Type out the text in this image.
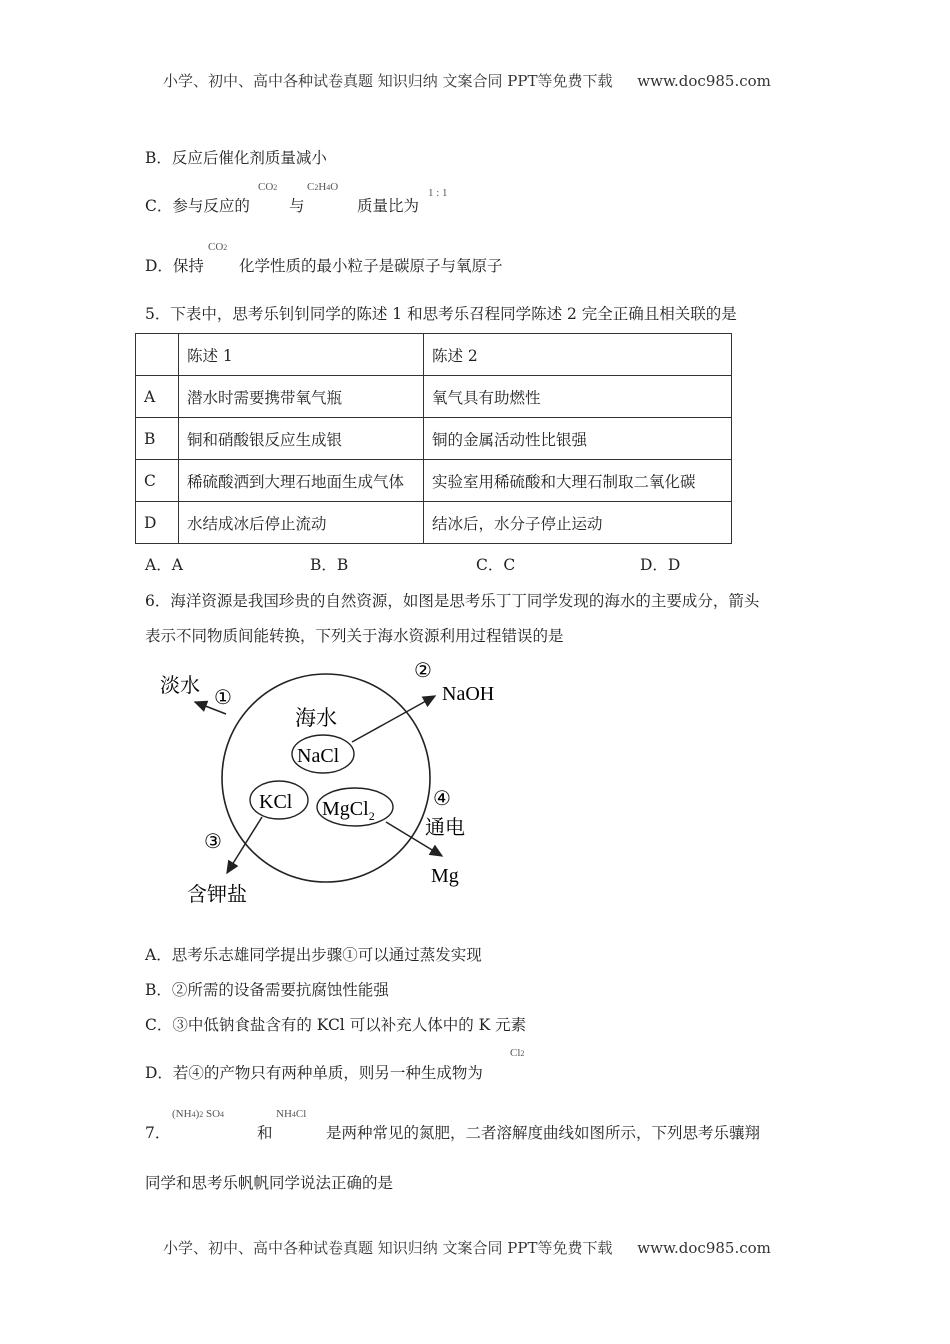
小学、初中、高中各种试卷真题 知识归纳 文案合同 PPT等免费下载 www.doc985.com
B．反应后催化剂质量减小
C．参与反应的
CO2
与
C2H4O
质量比为
1 : 1
D．保持
CO2
化学性质的最小粒子是碳原子与氧原子
5．下表中，思考乐钊钊同学的陈述 1 和思考乐召程同学陈述 2 完全正确且相关联的是
	陈述 1	陈述 2
A	潜水时需要携带氧气瓶	氧气具有助燃性
B	铜和硝酸银反应生成银	铜的金属活动性比银强
C	稀硫酸洒到大理石地面生成气体	实验室用稀硫酸和大理石制取二氧化碳
D	水结成冰后停止流动	结冰后，水分子停止运动
A．A	B．B	C．C	D．D
6．海洋资源是我国珍贵的自然资源，如图是思考乐丁丁同学发现的海水的主要成分，箭头
表示不同物质间能转换，下列关于海水资源利用过程错误的是
海水
NaCl
KCl MgCl$_2$
淡水
①
②
NaOH
③
含钾盐
④
通电
Mg
A．思考乐志雄同学提出步骤①可以通过蒸发实现
B．②所需的设备需要抗腐蚀性能强
C．③中低钠食盐含有的 KCl 可以补充人体中的 K 元素
D．若④的产物只有两种单质，则另一种生成物为
Cl2
7．
(NH4)2 SO4
和
NH4Cl
是两种常见的氮肥，二者溶解度曲线如图所示，下列思考乐骧翔
同学和思考乐帆帆同学说法正确的是
小学、初中、高中各种试卷真题 知识归纳 文案合同 PPT等免费下载 www.doc985.com
